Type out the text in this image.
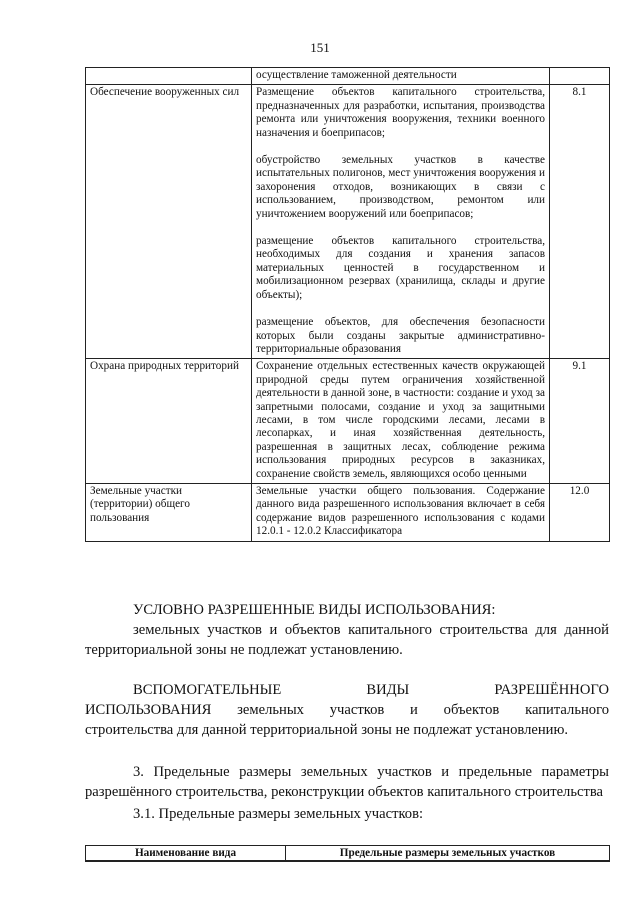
151

	осуществление таможенной деятельности	

Обеспечение вооруженных сил	Размещение объектов капитального строительства, предназначенных для разработки, испытания, производства ремонта или уничтожения вооружения, техники военного назначения и боеприпасов;
обустройство земельных участков в качестве испытательных полигонов, мест уничтожения вооружения и захоронения отходов, возникающих в связи с использованием, производством, ремонтом или уничтожением вооружений или боеприпасов;
размещение объектов капитального строительства, необходимых для создания и хранения запасов материальных ценностей в государственном и мобилизационном резервах (хранилища, склады и другие объекты);
размещение объектов, для обеспечения безопасности которых были созданы закрытые административно-территориальные образования	8.1
Охрана природных территорий	Сохранение отдельных естественных качеств окружающей природной среды путем ограничения хозяйственной деятельности в данной зоне, в частности: создание и уход за запретными полосами, создание и уход за защитными лесами, в том числе городскими лесами, лесами в лесопарках, и иная хозяйственная деятельность, разрешенная в защитных лесах, соблюдение режима использования природных ресурсов в заказниках, сохранение свойств земель, являющихся особо ценными	9.1
Земельные участки (территории) общего пользования	Земельные участки общего пользования. Содержание данного вида разрешенного использования включает в себя содержание видов разрешенного использования с кодами 12.0.1 - 12.0.2 Классификатора	12.0
УСЛОВНО РАЗРЕШЕННЫЕ ВИДЫ ИСПОЛЬЗОВАНИЯ:
земельных участков и объектов капитального строительства для данной территориальной зоны не подлежат установлению.
ВСПОМОГАТЕЛЬНЫЕ ВИДЫ РАЗРЕШЁННОГО
ИСПОЛЬЗОВАНИЯ земельных участков и объектов капитального
строительства для данной территориальной зоны не подлежат установлению.
3. Предельные размеры земельных участков и предельные параметры разрешённого строительства, реконструкции объектов капитального строительства
3.1. Предельные размеры земельных участков:
Наименование вида	Предельные размеры земельных участков
